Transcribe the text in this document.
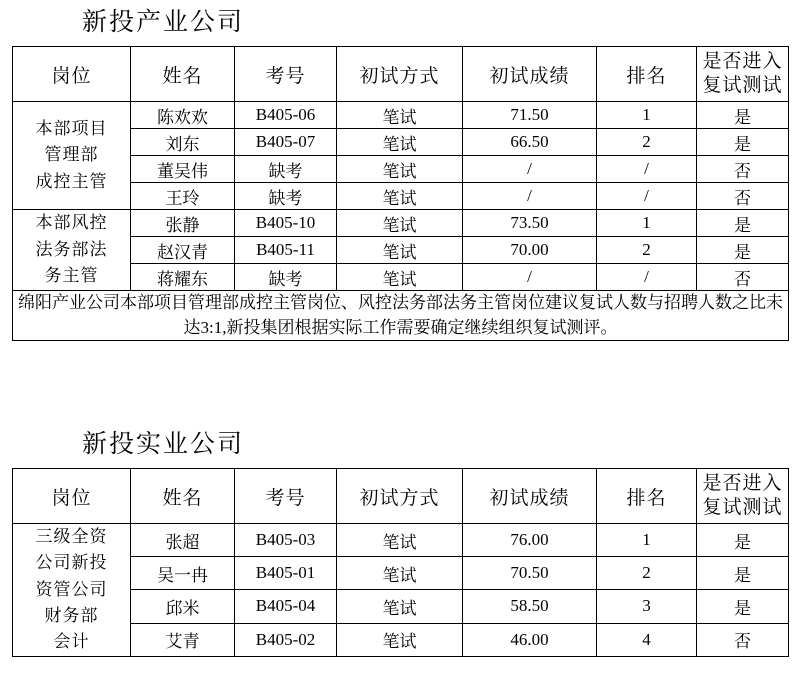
新投产业公司
岗位	姓名	考号	初试方式	初试成绩	排名	是否进入
复试测试

本部项目
管理部
成控主管	陈欢欢	B405-06	笔试	71.50	1	是
	刘东	B405-07	笔试	66.50	2	是
	董吴伟	缺考	笔试	/	/	否
	王玲	缺考	笔试	/	/	否

本部风控
法务部法
务主管	张静	B405-10	笔试	73.50	1	是
	赵汉青	B405-11	笔试	70.00	2	是
	蒋耀东	缺考	笔试	/	/	否
绵阳产业公司本部项目管理部成控主管岗位、风控法务部法务主管岗位建议复试人数与招聘人数之比未达3:1,新投集团根据实际工作需要确定继续组织复试测评。						
新投实业公司
岗位	姓名	考号	初试方式	初试成绩	排名	是否进入
复试测试

三级全资
公司新投
资管公司
财务部
会计	张超	B405-03	笔试	76.00	1	是
	吴一冉	B405-01	笔试	70.50	2	是
	邱米	B405-04	笔试	58.50	3	是
	艾青	B405-02	笔试	46.00	4	否
